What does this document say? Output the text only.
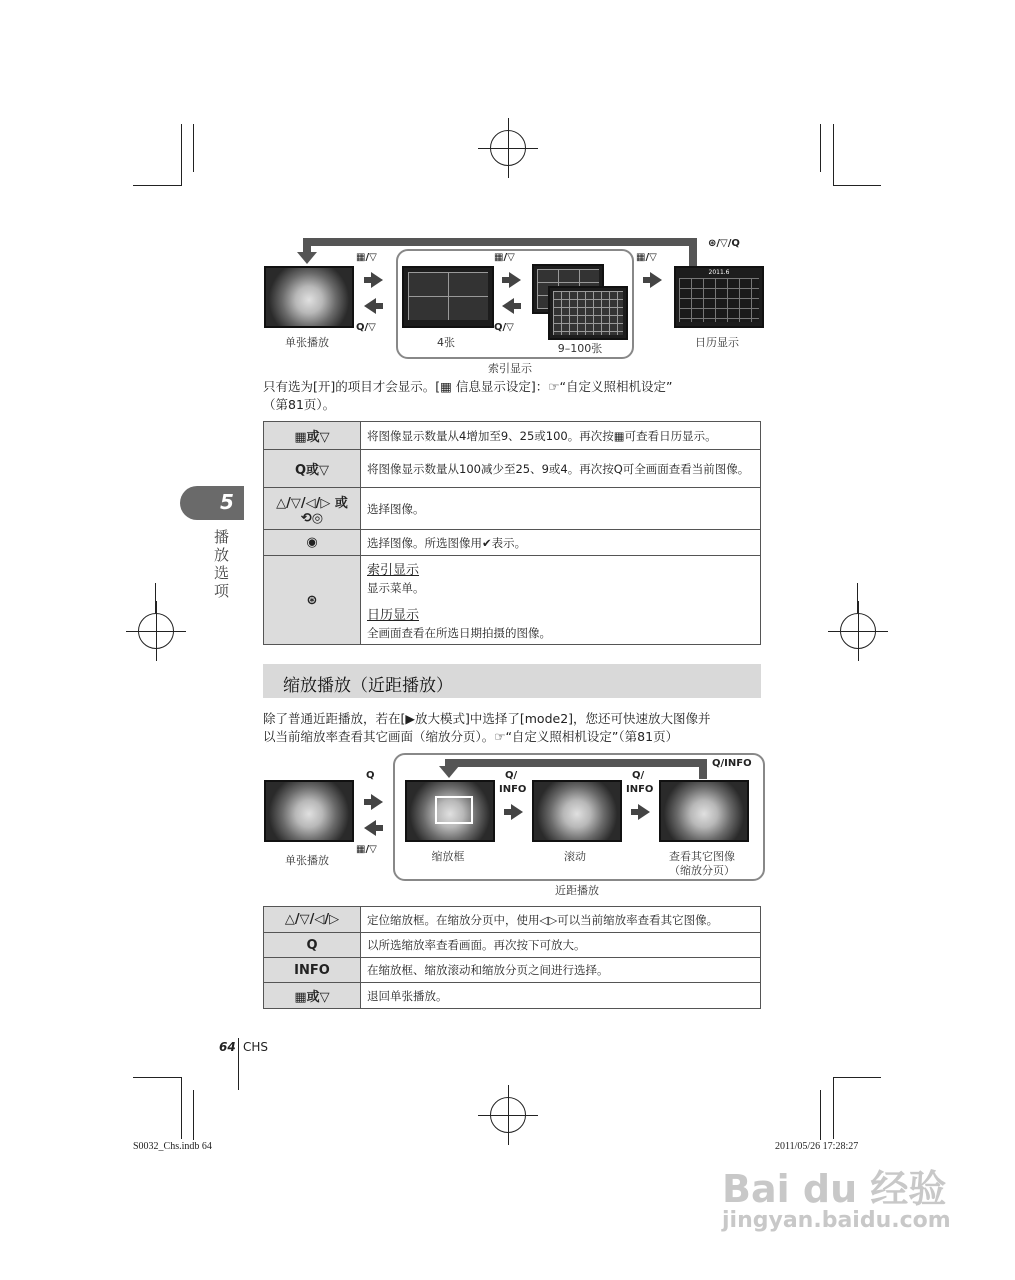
⊛/▽/Q
单张播放
▦/▽
Q/▽
4张
▦/▽
Q/▽
9–100张
索引显示
▦/▽
2011.6
日历显示
只有选为[开]的项目才会显示。[▦ 信息显示设定]：☞“自定义照相机设定”
（第81页）。
▦或▽	将图像显示数量从4增加至9、25或100。再次按▦可查看日历显示。
Q或▽	将图像显示数量从100减少至25、9或4。再次按Q可全画面查看当前图像。
△/▽/◁/▷ 或⟲◎	选择图像。
◉	选择图像。所选图像用✔表示。
⊛	索引显示
显示菜单。
日历显示
全画面查看在所选日期拍摄的图像。
5
播放选项
缩放播放（近距播放）
除了普通近距播放，若在[▶放大模式]中选择了[mode2]，您还可快速放大图像并
以当前缩放率查看其它画面（缩放分页）。☞“自定义照相机设定”（第81页）
单张播放
Q
▦/▽
Q/INFO
缩放框
Q/
INFO
滚动
Q/
INFO
查看其它图像
（缩放分页）
近距播放
△/▽/◁/▷	定位缩放框。在缩放分页中，使用◁▷可以当前缩放率查看其它图像。
Q	以所选缩放率查看画面。再次按下可放大。
INFO	在缩放框、缩放滚动和缩放分页之间进行选择。
▦或▽	退回单张播放。
64 CHS
S0032_Chs.indb 64	2011/05/26 17:28:27
Bai du 经验
jingyan.baidu.com
